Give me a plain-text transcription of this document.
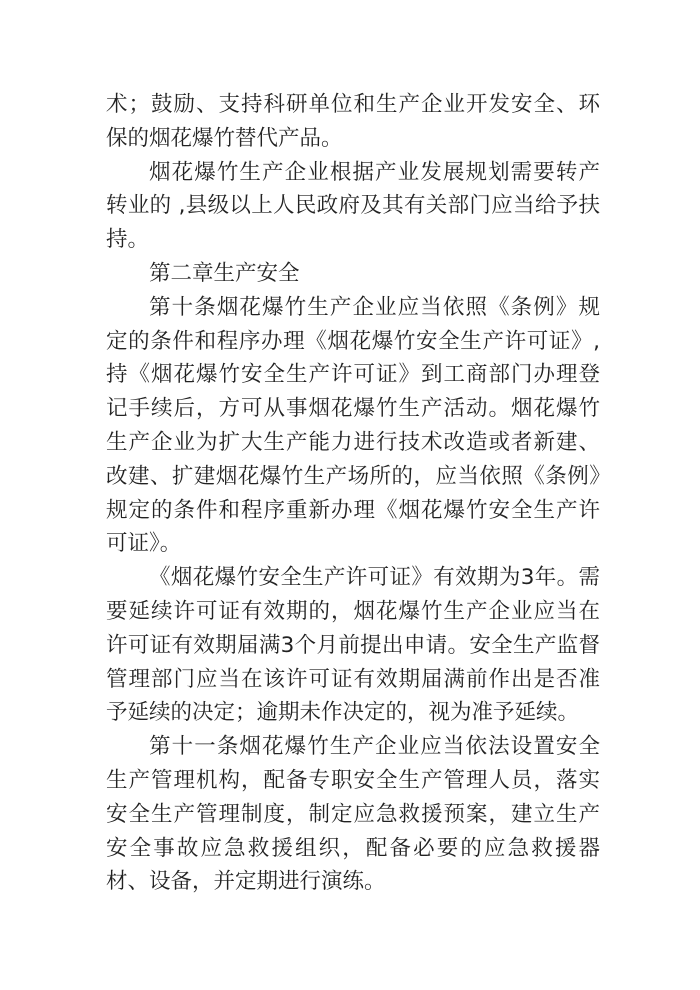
术；鼓励、支持科研单位和生产企业开发安全、环保的烟花爆竹替代产品。

烟花爆竹生产企业根据产业发展规划需要转产转业的 ,县级以上人民政府及其有关部门应当给予扶持。

第二章生产安全

第十条烟花爆竹生产企业应当依照《条例》规定的条件和程序办理《烟花爆竹安全生产许可证》,持《烟花爆竹安全生产许可证》到工商部门办理登记手续后，方可从事烟花爆竹生产活动。烟花爆竹生产企业为扩大生产能力进行技术改造或者新建、改建、扩建烟花爆竹生产场所的，应当依照《条例》规定的条件和程序重新办理《烟花爆竹安全生产许可证》。

《烟花爆竹安全生产许可证》有效期为3年。需要延续许可证有效期的，烟花爆竹生产企业应当在许可证有效期届满3个月前提出申请。安全生产监督管理部门应当在该许可证有效期届满前作出是否准予延续的决定；逾期未作决定的，视为准予延续。

第十一条烟花爆竹生产企业应当依法设置安全生产管理机构，配备专职安全生产管理人员，落实安全生产管理制度，制定应急救援预案，建立生产安全事故应急救援组织，配备必要的应急救援器材、设备，并定期进行演练。
